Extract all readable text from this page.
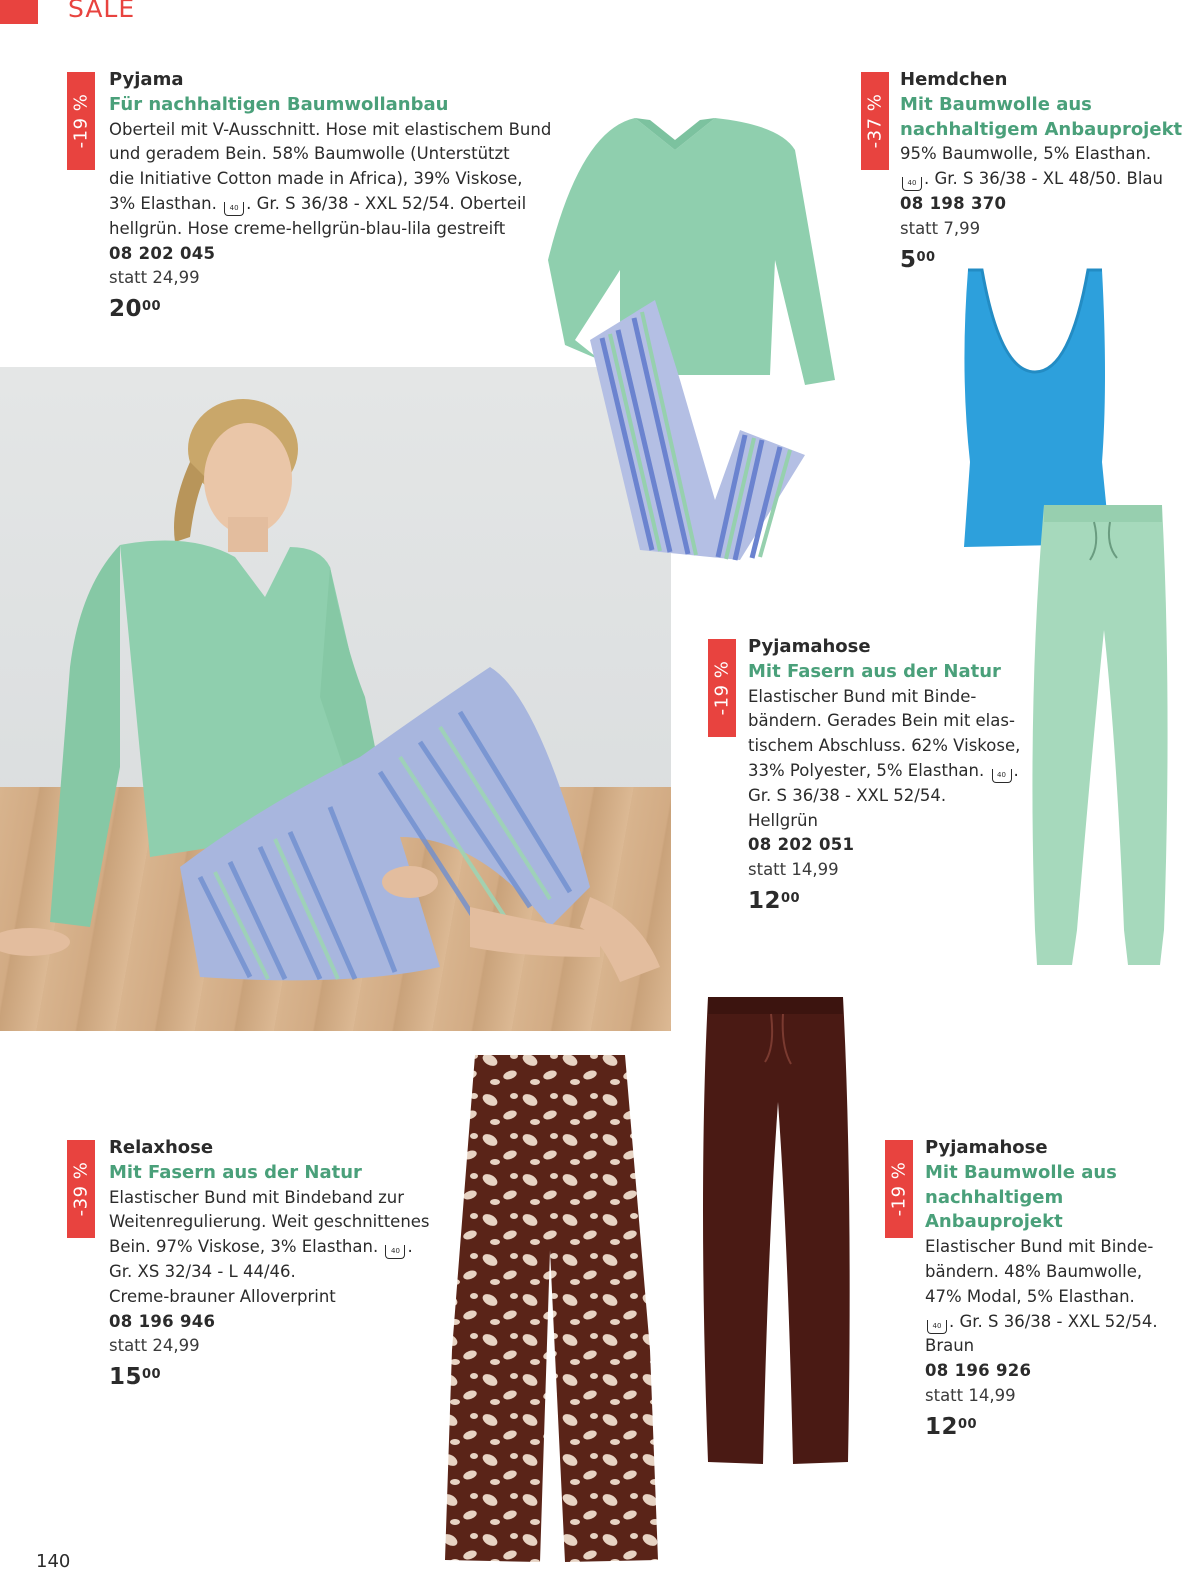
SALE
-19 %
Pyjama
Für nachhaltigen Baumwollanbau
Oberteil mit V-Ausschnitt. Hose mit elastischem Bund
und geradem Bein. 58% Baumwolle (Unterstützt
die Initiative Cotton made in Africa), 39% Viskose,
3% Elasthan. 40 . Gr. S 36/38 - XXL 52/54. Oberteil
hellgrün. Hose creme-hellgrün-blau-lila gestreift
08 202 045
statt 24,99
$20^{00}$
-37 %
Hemdchen
Mit Baumwolle aus
nachhaltigem Anbauprojekt
95% Baumwolle, 5% Elasthan.
40 . Gr. S 36/38 - XL 48/50. Blau
08 198 370
statt 7,99
$5^{00}$
-19 %
Pyjamahose
Mit Fasern aus der Natur
Elastischer Bund mit Binde-
bändern. Gerades Bein mit elas-
tischem Abschluss. 62% Viskose,
33% Polyester, 5% Elasthan. 40 .
Gr. S 36/38 - XXL 52/54.
Hellgrün
08 202 051
statt 14,99
$12^{00}$
-39 %
Relaxhose
Mit Fasern aus der Natur
Elastischer Bund mit Bindeband zur
Weitenregulierung. Weit geschnittenes
Bein. 97% Viskose, 3% Elasthan. 40 .
Gr. XS 32/34 - L 44/46.
Creme-brauner Alloverprint
08 196 946
statt 24,99
$15^{00}$
-19 %
Pyjamahose
Mit Baumwolle aus
nachhaltigem Anbauprojekt
Elastischer Bund mit Binde-
bändern. 48% Baumwolle,
47% Modal, 5% Elasthan.
40 . Gr. S 36/38 - XXL 52/54.
Braun
08 196 926
statt 14,99
$12^{00}$
140
